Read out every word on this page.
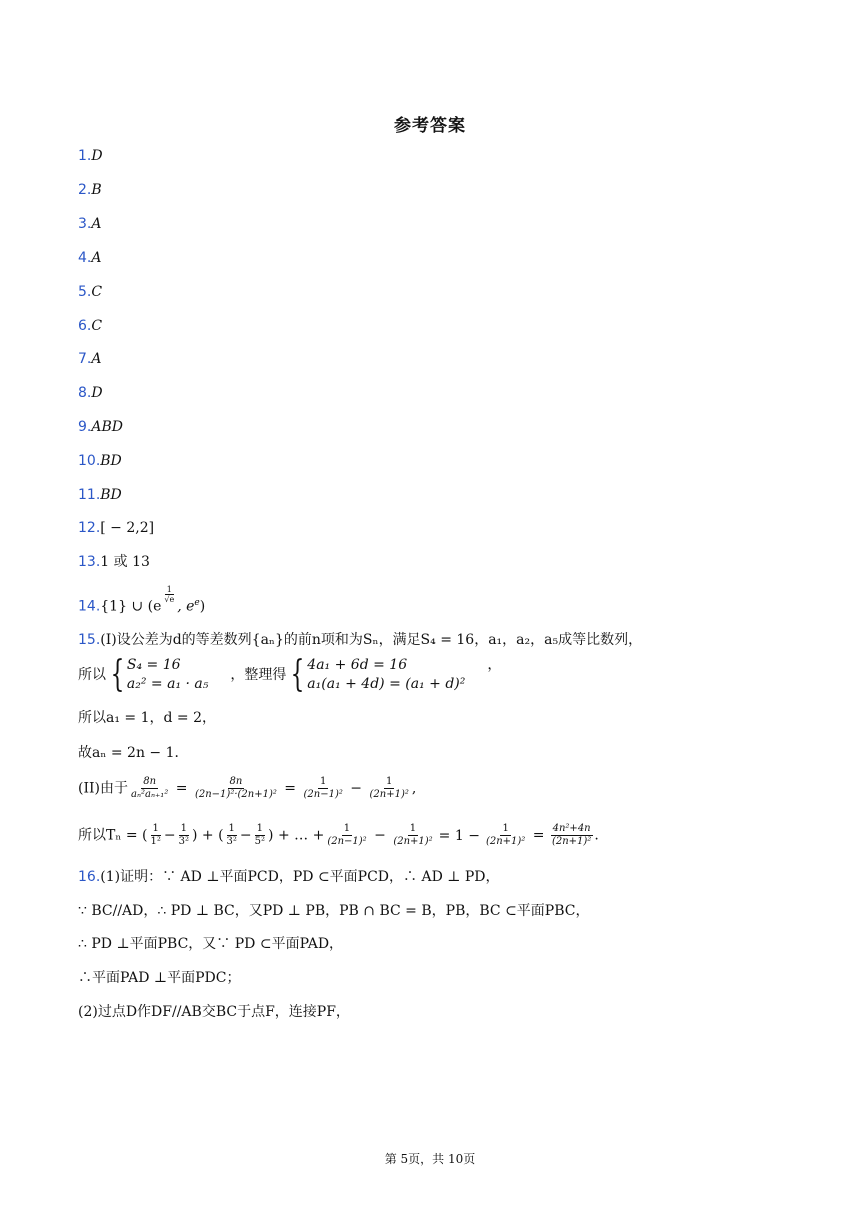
参考答案
1.D
2.B
3.A
4.A
5.C
6.C
7.A
8.D
9.ABD
10.BD
11.BD
12.[ − 2,2]
13.1 或 13
14.{1} ∪ (e
$\frac{1}{√e}$
, $e^e$)
15.(I)设公差为d的等差数列{aₙ}的前n项和为Sₙ，满足S₄ = 16，a₁，a₂，a₅成等比数列，
所以 { S₄ = 16
a₂² = a₁ · a₅
，整理得 { 4a₁ + 6d = 16
a₁(a₁ + 4d) = (a₁ + d)²
，
所以a₁ = 1，d = 2，
故aₙ = 2n − 1．
(II)由于 $\frac{8n}{\text{aₙ²aₙ₊₁²}} = \frac{8n}{\text{(2n−1)²·(2n+1)²}} = \frac{1}{\text{(2n−1)²}} - \frac{1}{\text{(2n+1)²}}$ ,
所以Tₙ = ( $\frac{1}{\text{1²}} - \frac{1}{\text{3²}}$ ) + ( $\frac{1}{\text{3²}} - \frac{1}{\text{5²}}$ ) + … + $\frac{1}{\text{(2n−1)²}} - \frac{1}{\text{(2n+1)²}} = 1 - \frac{1}{\text{(2n+1)²}} = \frac{\text{4n²+4n}}{\text{(2n+1)²}}$ .
16.(1)证明：∵ AD ⊥平面PCD，PD ⊂平面PCD，∴ AD ⊥ PD，
∵ BC//AD，∴ PD ⊥ BC，又PD ⊥ PB，PB ∩ BC = B，PB，BC ⊂平面PBC，
∴ PD ⊥平面PBC，又∵ PD ⊂平面PAD，
∴平面PAD ⊥平面PDC；
(2)过点D作DF//AB交BC于点F，连接PF，
第 5页，共 10页
